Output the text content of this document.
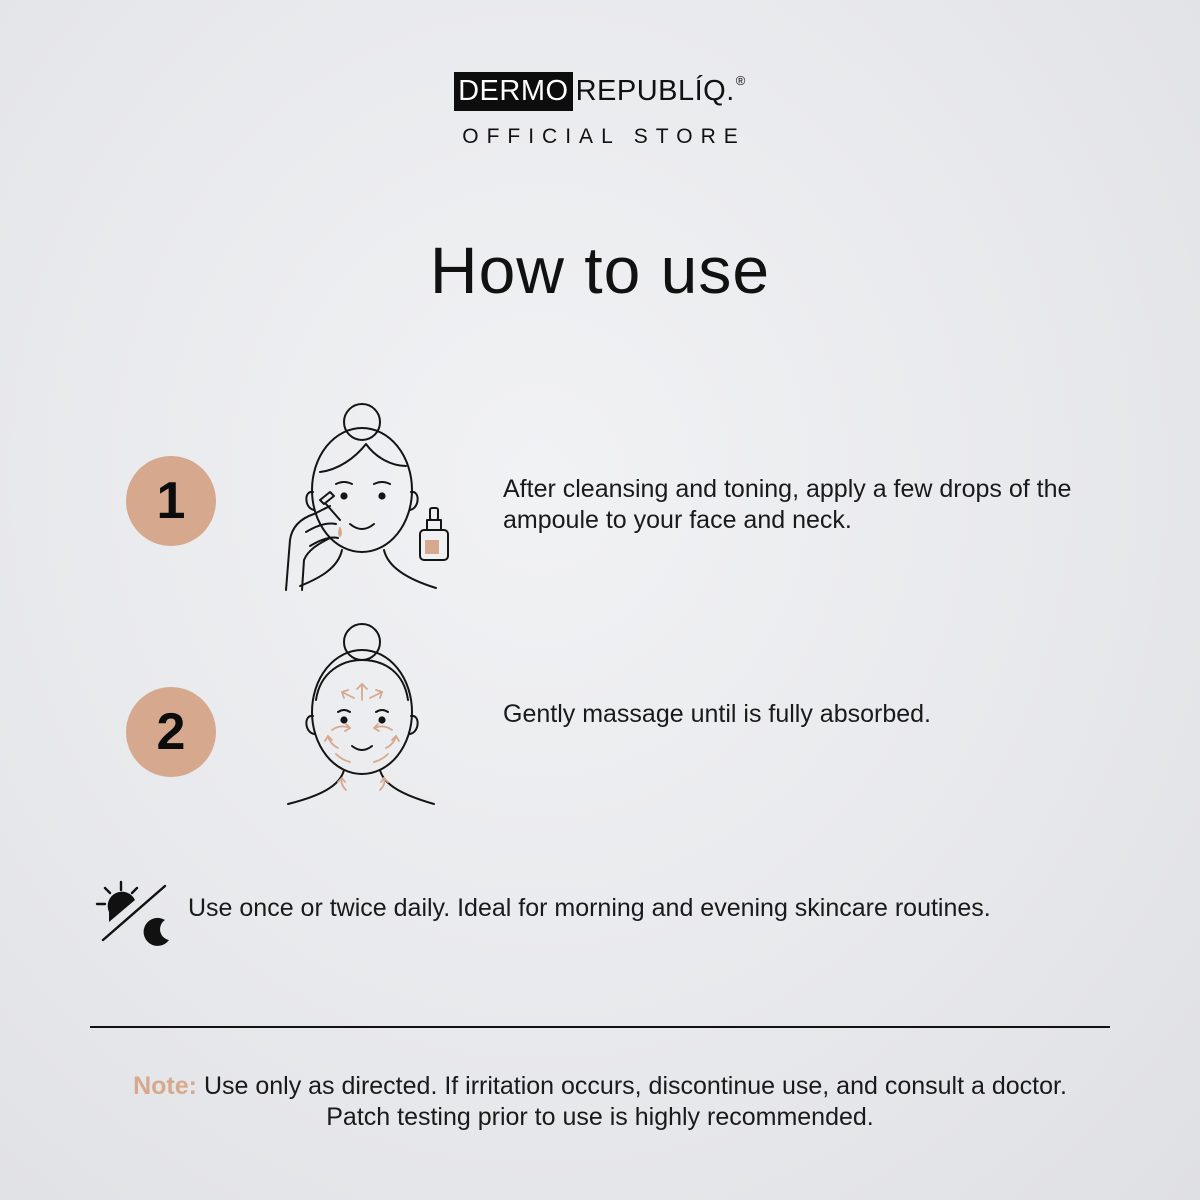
DERMO REPUBLÍQ. ®
OFFICIAL STORE
How to use
1	After cleansing and toning, apply a few drops of the ampoule to your face and neck.
2	Gently massage until is fully absorbed.
Use once or twice daily. Ideal for morning and evening skincare routines.
Note: Use only as directed. If irritation occurs, discontinue use, and consult a doctor.
Patch testing prior to use is highly recommended.
